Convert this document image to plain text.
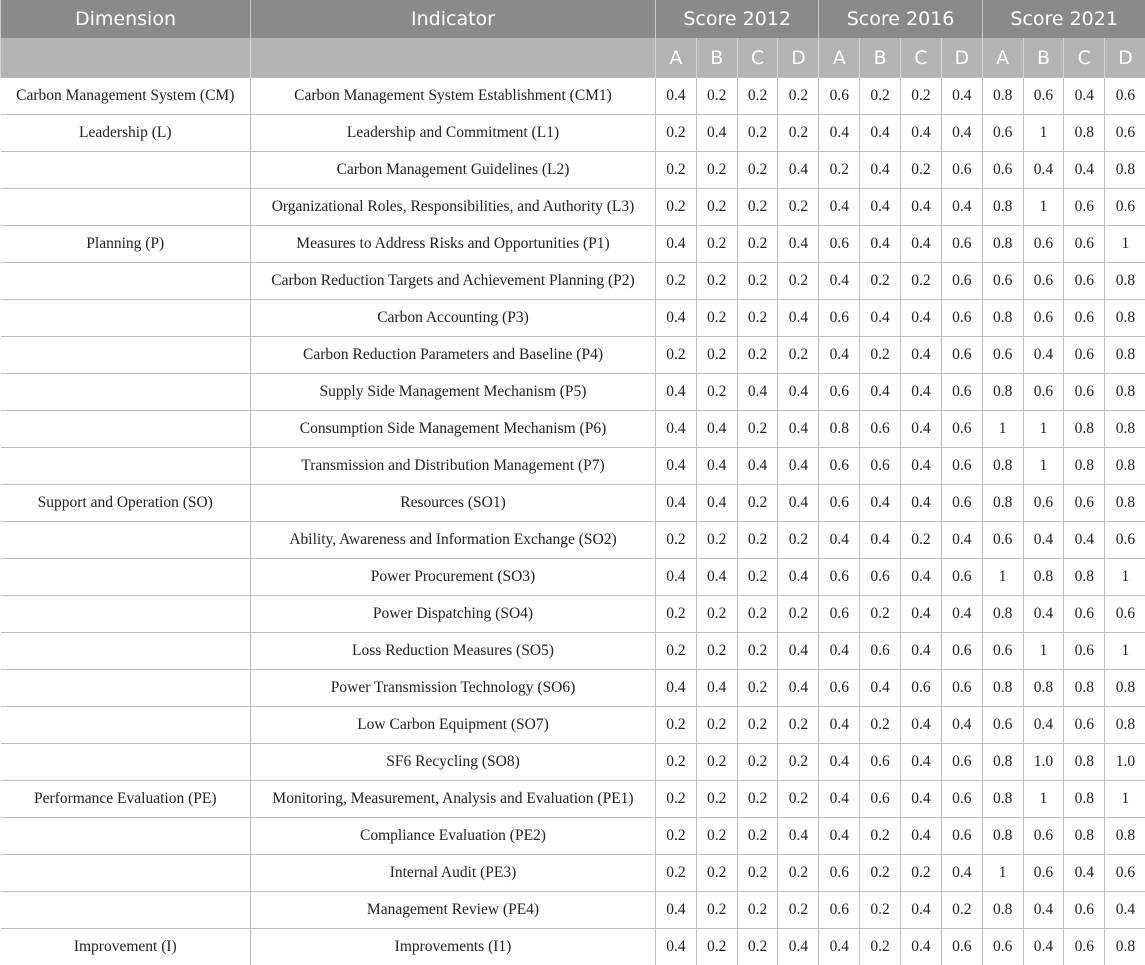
Dimension	Indicator	Score 2012				Score 2016				Score 2021			
		A	B	C	D	A	B	C	D	A	B	C	D
Carbon Management System (CM)	Carbon Management System Establishment (CM1)	0.4	0.2	0.2	0.2	0.6	0.2	0.2	0.4	0.8	0.6	0.4	0.6
Leadership (L)	Leadership and Commitment (L1)	0.2	0.4	0.2	0.2	0.4	0.4	0.4	0.4	0.6	1	0.8	0.6
	Carbon Management Guidelines (L2)	0.2	0.2	0.2	0.4	0.2	0.4	0.2	0.6	0.6	0.4	0.4	0.8
	Organizational Roles, Responsibilities, and Authority (L3)	0.2	0.2	0.2	0.2	0.4	0.4	0.4	0.4	0.8	1	0.6	0.6
Planning (P)	Measures to Address Risks and Opportunities (P1)	0.4	0.2	0.2	0.4	0.6	0.4	0.4	0.6	0.8	0.6	0.6	1
	Carbon Reduction Targets and Achievement Planning (P2)	0.2	0.2	0.2	0.2	0.4	0.2	0.2	0.6	0.6	0.6	0.6	0.8
	Carbon Accounting (P3)	0.4	0.2	0.2	0.4	0.6	0.4	0.4	0.6	0.8	0.6	0.6	0.8
	Carbon Reduction Parameters and Baseline (P4)	0.2	0.2	0.2	0.2	0.4	0.2	0.4	0.6	0.6	0.4	0.6	0.8
	Supply Side Management Mechanism (P5)	0.4	0.2	0.4	0.4	0.6	0.4	0.4	0.6	0.8	0.6	0.6	0.8
	Consumption Side Management Mechanism (P6)	0.4	0.4	0.2	0.4	0.8	0.6	0.4	0.6	1	1	0.8	0.8
	Transmission and Distribution Management (P7)	0.4	0.4	0.4	0.4	0.6	0.6	0.4	0.6	0.8	1	0.8	0.8
Support and Operation (SO)	Resources (SO1)	0.4	0.4	0.2	0.4	0.6	0.4	0.4	0.6	0.8	0.6	0.6	0.8
	Ability, Awareness and Information Exchange (SO2)	0.2	0.2	0.2	0.2	0.4	0.4	0.2	0.4	0.6	0.4	0.4	0.6
	Power Procurement (SO3)	0.4	0.4	0.2	0.4	0.6	0.6	0.4	0.6	1	0.8	0.8	1
	Power Dispatching (SO4)	0.2	0.2	0.2	0.2	0.6	0.2	0.4	0.4	0.8	0.4	0.6	0.6
	Loss Reduction Measures (SO5)	0.2	0.2	0.2	0.4	0.4	0.6	0.4	0.6	0.6	1	0.6	1
	Power Transmission Technology (SO6)	0.4	0.4	0.2	0.4	0.6	0.4	0.6	0.6	0.8	0.8	0.8	0.8
	Low Carbon Equipment (SO7)	0.2	0.2	0.2	0.2	0.4	0.2	0.4	0.4	0.6	0.4	0.6	0.8
	SF6 Recycling (SO8)	0.2	0.2	0.2	0.2	0.4	0.6	0.4	0.6	0.8	1.0	0.8	1.0
Performance Evaluation (PE)	Monitoring, Measurement, Analysis and Evaluation (PE1)	0.2	0.2	0.2	0.2	0.4	0.6	0.4	0.6	0.8	1	0.8	1
	Compliance Evaluation (PE2)	0.2	0.2	0.2	0.4	0.4	0.2	0.4	0.6	0.8	0.6	0.8	0.8
	Internal Audit (PE3)	0.2	0.2	0.2	0.2	0.6	0.2	0.2	0.4	1	0.6	0.4	0.6
	Management Review (PE4)	0.4	0.2	0.2	0.2	0.6	0.2	0.4	0.2	0.8	0.4	0.6	0.4
Improvement (I)	Improvements (I1)	0.4	0.2	0.2	0.4	0.4	0.2	0.4	0.6	0.6	0.4	0.6	0.8
